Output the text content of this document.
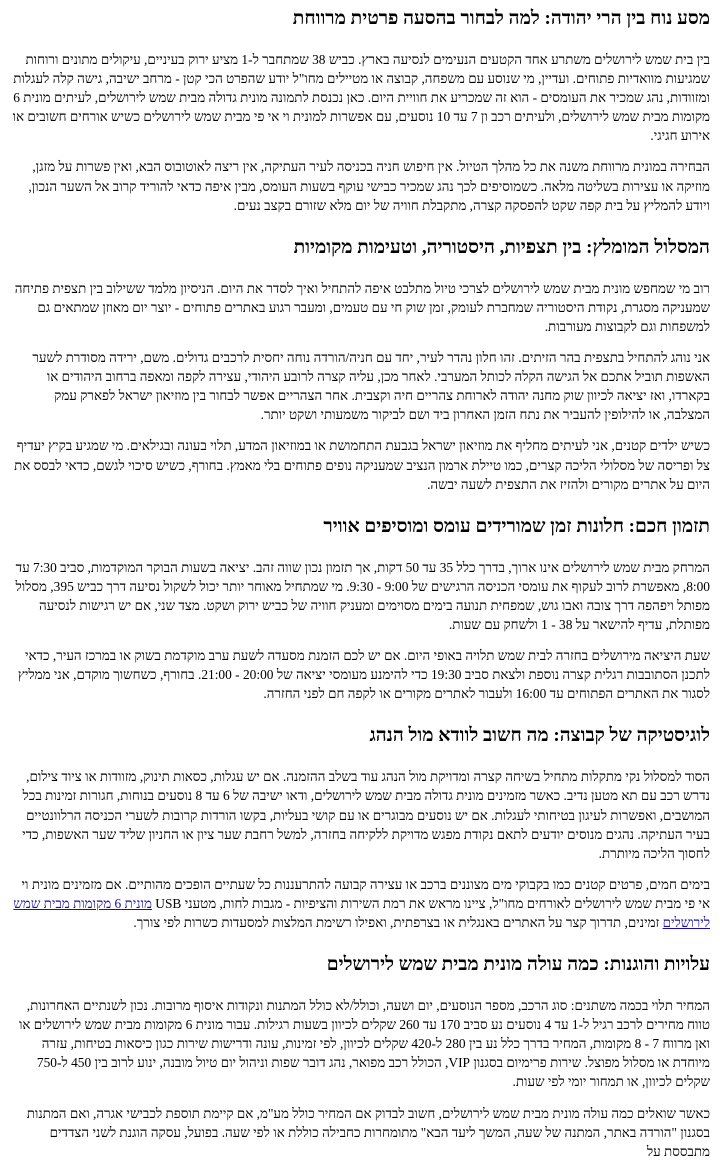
מסע נוח בין הרי יהודה: למה לבחור בהסעה פרטית מרווחת

בין בית שמש לירושלים משתרע אחד הקטעים הנעימים לנסיעה בארץ. כביש 38 שמתחבר ל-1 מציע ירוק בעיניים, עיקולים מתונים ורוחות שמגיעות מוואדיות פתוחים. ועדיין, מי שנוסע עם משפחה, קבוצה או מטיילים מחו"ל יודע שהפרט הכי קטן - מרחב ישיבה, גישה קלה לעגלות ומזוודות, נהג שמכיר את העומסים - הוא זה שמכריע את חוויית היום. כאן נכנסת לתמונה מונית גדולה מבית שמש לירושלים, לעיתים מונית 6 מקומות מבית שמש לירושלים, ולעיתים רכב ון 7 עד 10 נוסעים, עם אפשרות למונית וי אי פי מבית שמש לירושלים כשיש אורחים חשובים או אירוע חגיגי.

הבחירה במונית מרווחת משנה את כל מהלך הטיול. אין חיפוש חניה בכניסה לעיר העתיקה, אין ריצה לאוטובוס הבא, ואין פשרות על מזגן, מוזיקה או עצירות בשליטה מלאה. כשמוסיפים לכך נהג שמכיר כבישי עוקף בשעות העומס, מבין איפה כדאי להוריד קרוב אל השער הנכון, ויודע להמליץ על בית קפה שקט להפסקה קצרה, מתקבלת חוויה של יום מלא שזורם בקצב נעים.

המסלול המומלץ: בין תצפיות, היסטוריה, וטעימות מקומיות

רוב מי שמחפש מונית מבית שמש לירושלים לצרכי טיול מתלבט איפה להתחיל ואיך לסדר את היום. הניסיון מלמד ששילוב בין תצפית פתיחה שמעניקה מסגרת, נקודת היסטוריה שמחברת לעומק, זמן שוק חי עם טעמים, ומעבר רגוע באתרים פתוחים - יוצר יום מאוזן שמתאים גם למשפחות וגם לקבוצות מעורבות.

אני נוהג להתחיל בתצפית בהר הזיתים. זהו חלון נהדר לעיר, יחד עם חניה/הורדה נוחה יחסית לרכבים גדולים. משם, ירידה מסודרת לשער האשפות תוביל אתכם אל הגישה הקלה לכותל המערבי. לאחר מכן, עליה קצרה לרובע היהודי, עצירה לקפה ומאפה ברחוב היהודים או בקארדו, ואז יציאה לכיוון שוק מחנה יהודה לארוחת צהריים חיה וקצבית. אחר הצהריים אפשר לבחור בין מוזיאון ישראל לפארק עמק המצלבה, או להילופין להעביר את נתח הזמן האחרון ביד ושם לביקור משמעותי ושקט יותר.

כשיש ילדים קטנים, אני לעיתים מחליף את מוזיאון ישראל בגבעת התחמושת או במוזיאון המדע, תלוי בעונה ובגילאים. מי שמגיע בקיץ יעדיף צל ופריסה של מסלולי הליכה קצרים, כמו טיילת ארמון הנציב שמעניקה נופים פתוחים בלי מאמץ. בחורף, כשיש סיכוי לגשם, כדאי לבסס את היום על אתרים מקורים ולהזיז את התצפית לשעה יבשה.

תזמון חכם: חלונות זמן שמורידים עומס ומוסיפים אוויר

המרחק מבית שמש לירושלים אינו ארוך, בדרך כלל 35 עד 50 דקות, אך תזמון נכון שווה זהב. יציאה בשעות הבוקר המוקדמות, סביב 7:30 עד 8:00, מאפשרת לרוב לעקוף את עומסי הכניסה הרגישים של 9:00 - 9:30. מי שמתחיל מאוחר יותר יכול לשקול נסיעה דרך כביש 395, מסלול מפותל ויפהפה דרך צובה ואבו גוש, שמפחית תנועה בימים מסוימים ומעניק חוויה של כביש ירוק ושקט. מצד שני, אם יש רגישות לנסיעה מפותלת, עדיף להישאר על 38 - 1 ולשחק עם שעות.

שעת היציאה מירושלים בחזרה לבית שמש תלויה באופי היום. אם יש לכם הזמנת מסעדה לשעת ערב מוקדמת בשוק או במרכז העיר, כדאי לתכנן הסתובבות רגלית קצרה נוספת ולצאת סביב 19:30 כדי להימנע מעומסי יציאה של 20:00 - 21:00. בחורף, כשחשוך מוקדם, אני ממליץ לסגור את האתרים הפתוחים עד 16:00 ולעבור לאתרים מקורים או לקפה חם לפני החזרה.

לוגיסטיקה של קבוצה: מה חשוב לוודא מול הנהג

הסוד למסלול נקי מתקלות מתחיל בשיחה קצרה ומדויקת מול הנהג עוד בשלב ההזמנה. אם יש עגלות, כסאות תינוק, מזוודות או ציוד צילום, נדרש רכב עם תא מטען נדיב. כאשר מזמינים מונית גדולה מבית שמש לירושלים, ודאו ישיבה של 6 עד 8 נוסעים בנוחות, חגורות זמינות בכל המושבים, ואפשרות לעיגון בטיחותי לעגלות. אם יש נוסעים מבוגרים או עם קושי בעליות, בקשו הורדות קרובות לשערי הכניסה הרלוונטיים בעיר העתיקה. נהגים מנוסים יודעים לתאם נקודת מפגש מדויקת ללקיחה בחזרה, למשל רחבת שער ציון או החניון שליד שער האשפות, כדי לחסוך הליכה מיותרת.

בימים חמים, פרטים קטנים כמו בקבוקי מים מצוננים ברכב או עצירה קבועה להתרעננות כל שעתיים הופכים מהותיים. אם מזמינים מונית וי אי פי מבית שמש לירושלים לאורחים מחו"ל, ציינו מראש את רמת השירות והציפיות - מגבות לחות, מטעני USB מונית 6 מקומות מבית שמש לירושלים זמינים, תדרוך קצר על האתרים באנגלית או בצרפתית, ואפילו רשימת המלצות למסעדות כשרות לפי צורך.

עלויות והוגנות: כמה עולה מונית מבית שמש לירושלים

המחיר תלוי בכמה משתנים: סוג הרכב, מספר הנוסעים, יום ושעה, וכולל/לא כולל המתנות ונקודות איסוף מרובות. נכון לשנתיים האחרונות, טווח מחירים לרכב רגיל ל-1 עד 4 נוסעים נע סביב 170 עד 260 שקלים לכיוון בשעות רגילות. עבור מונית 6 מקומות מבית שמש לירושלים או ואן מרווח 7 - 8 מקומות, המחיר בדרך כלל נע בין 280 ל-420 שקלים לכיוון, לפי זמינות, עונה ודרישות שירות כגון כיסאות בטיחות, עזרה מיוחדת או מסלול מפוצל. שירות פרימיום בסגנון VIP, הכולל רכב מפואר, נהג דובר שפות וניהול יום טיול מובנה, ינוע לרוב בין 450 ל-750 שקלים לכיוון, או תמחור יומי לפי שעות.

כאשר שואלים כמה עולה מונית מבית שמש לירושלים, חשוב לבדוק אם המחיר כולל מע"מ, אם קיימת תוספת לכבישי אגרה, ואם המתנות בסגנון "הורדה באתר, המתנה של שעה, המשך ליעד הבא" מתומחרות כחבילה כוללת או לפי שעה. בפועל, עסקה הוגנת לשני הצדדים מתבססת על
